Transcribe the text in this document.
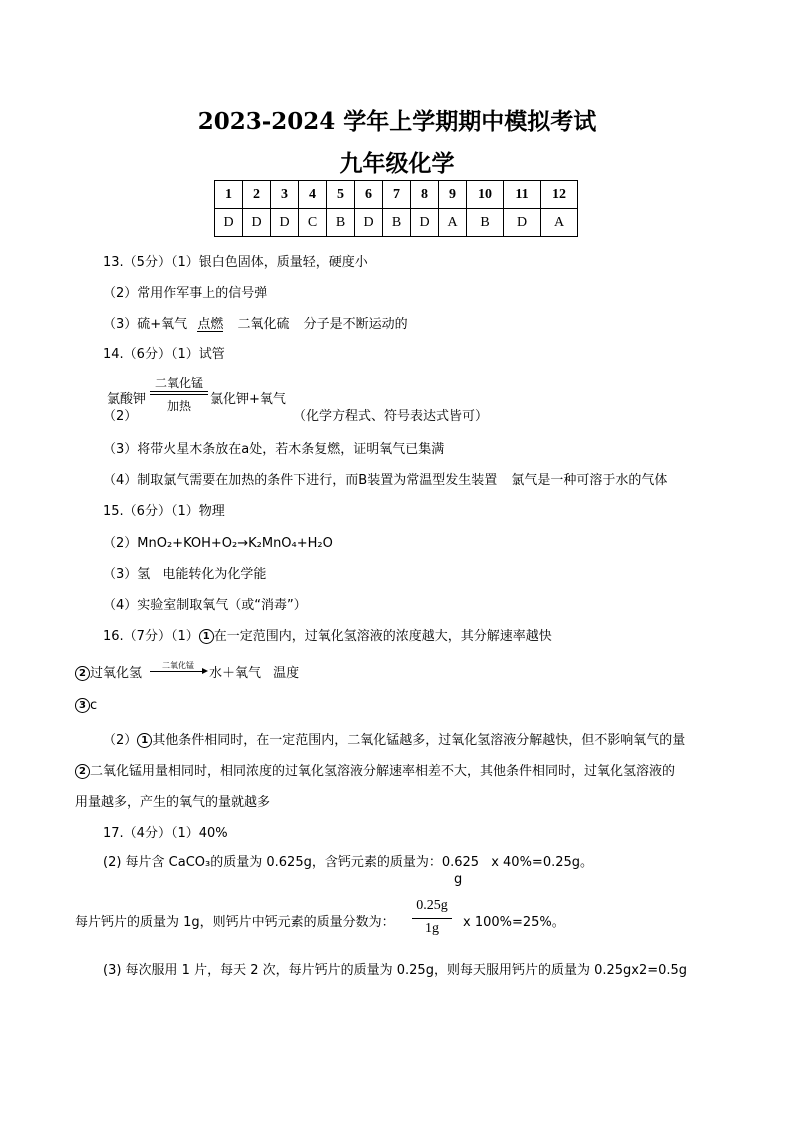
2023-2024 学年上学期期中模拟考试
九年级化学
1	2	3	4	5	6	7	8	9	10	11	12
D	D	D	C	B	D	B	D	A	B	D	A
13.（5分）（1）银白色固体，质量轻，硬度小
（2）常用作军事上的信号弹
（3）硫+氧气 点燃 二氧化硫 分子是不断运动的
14.（6分）（1）试管
（2）
氯酸钾
二氧化锰
加热	氯化钾+氧气
（化学方程式、符号表达式皆可）
（3）将带火星木条放在a处，若木条复燃，证明氧气已集满
（4）制取氯气需要在加热的条件下进行，而B装置为常温型发生装置 氯气是一种可溶于水的气体
15.（6分）（1）物理
（2）MnO₂+KOH+O₂→K₂MnO₄+H₂O
（3）氢 电能转化为化学能
（4）实验室制取氧气（或“消毒”）
16.（7分）（1） 1 在一定范围内，过氧化氢溶液的浓度越大，其分解速率越快
2 过氧化氢
二氧化锰
水＋氧气 温度
3 c
（2） 1 其他条件相同时，在一定范围内，二氧化锰越多，过氧化氢溶液分解越快，但不影响氧气的量
2 二氧化锰用量相同时，相同浓度的过氧化氢溶液分解速率相差不大，其他条件相同时，过氧化氢溶液的
用量越多，产生的氧气的量就越多
17.（4分）（1）40%
(2) 每片含 CaCO₃的质量为 0.625g，含钙元素的质量为：0.625 x 40%=0.25g。
g
每片钙片的质量为 1g，则钙片中钙元素的质量分数为：
0.25g
1g	x 100%=25%。
(3) 每次服用 1 片，每天 2 次，每片钙片的质量为 0.25g，则每天服用钙片的质量为 0.25gx2=0.5g
